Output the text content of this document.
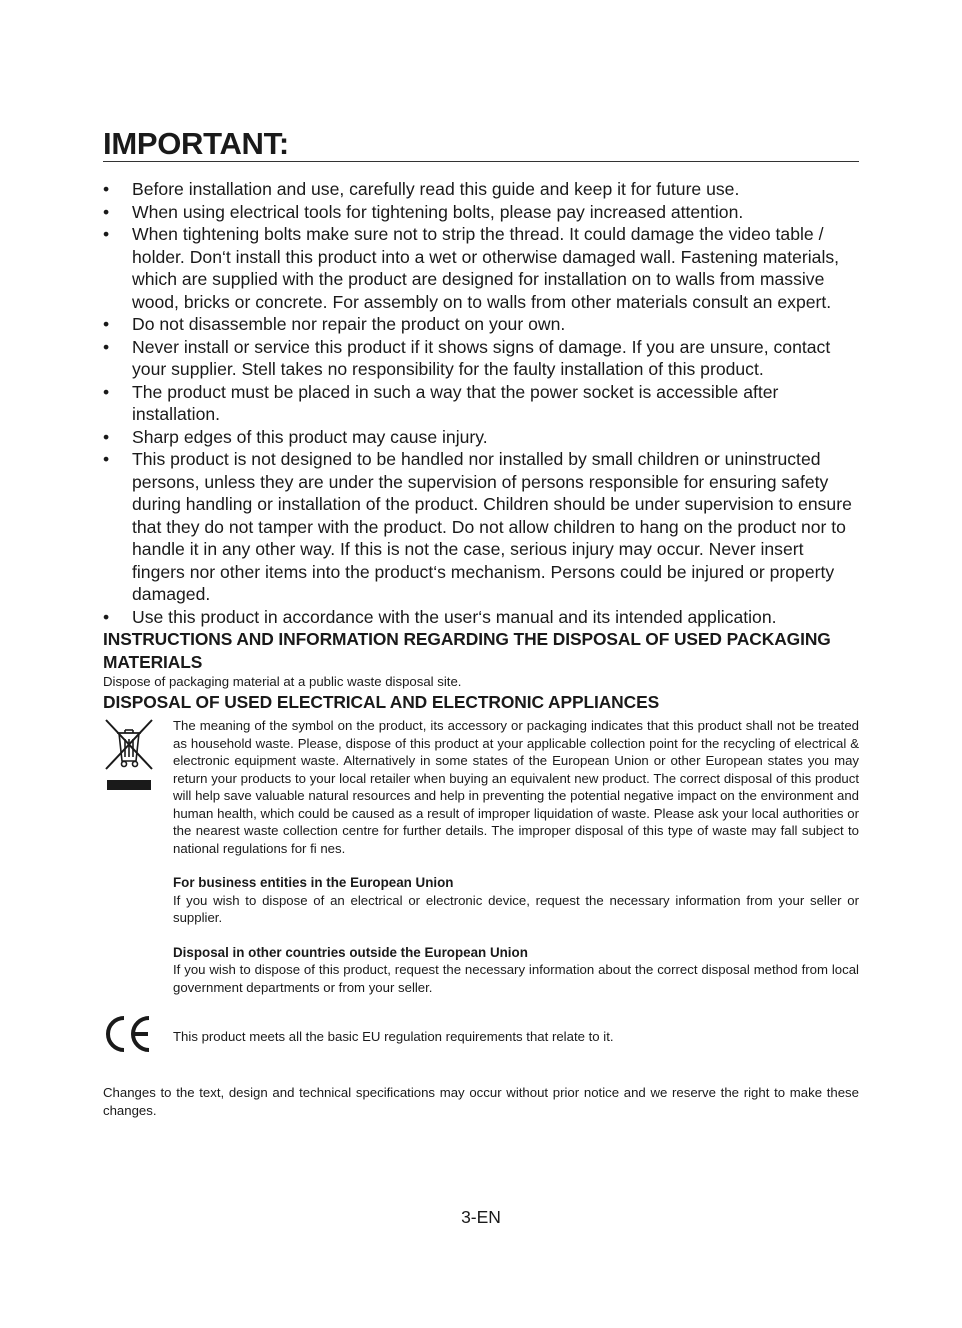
IMPORTANT:
• Before installation and use, carefully read this guide and keep it for future use.
• When using electrical tools for tightening bolts, please pay increased attention.
• When tightening bolts make sure not to strip the thread. It could damage the video table / holder. Don‘t install this product into a wet or otherwise damaged wall. Fastening materials, which are supplied with the product are designed for installation on to walls from massive wood, bricks or concrete. For assembly on to walls from other materials consult an expert.
• Do not disassemble nor repair the product on your own.
• Never install or service this product if it shows signs of damage. If you are unsure, contact your supplier. Stell takes no responsibility for the faulty installation of this product.
• The product must be placed in such a way that the power socket is accessible after installation.
• Sharp edges of this product may cause injury.
• This product is not designed to be handled nor installed by small children or uninstructed persons, unless they are under the supervision of persons responsible for ensuring safety during handling or installation of the product. Children should be under supervision to ensure that they do not tamper with the product. Do not allow children to hang on the product nor to handle it in any other way. If this is not the case, serious injury may occur. Never insert fingers nor other items into the product‘s mechanism. Persons could be injured or property damaged.
• Use this product in accordance with the user‘s manual and its intended application.
INSTRUCTIONS AND INFORMATION REGARDING THE DISPOSAL OF USED PACKAGING MATERIALS

Dispose of packaging material at a public waste disposal site.

DISPOSAL OF USED ELECTRICAL AND ELECTRONIC APPLIANCES

The meaning of the symbol on the product, its accessory or packaging indicates that this product shall not be treated as household waste. Please, dispose of this product at your applicable collection point for the recycling of electrical & electronic equipment waste. Alternatively in some states of the European Union or other European states you may return your products to your local retailer when buying an equivalent new product. The correct disposal of this product will help save valuable natural resources and help in preventing the potential negative impact on the environment and human health, which could be caused as a result of improper liquidation of waste. Please ask your local authorities or the nearest waste collection centre for further details. The improper disposal of this type of waste may fall subject to national regulations for fi nes.

For business entities in the European Union

If you wish to dispose of an electrical or electronic device, request the necessary information from your seller or supplier.

Disposal in other countries outside the European Union

If you wish to dispose of this product, request the necessary information about the correct disposal method from local government departments or from your seller.

This product meets all the basic EU regulation requirements that relate to it.

Changes to the text, design and technical specifications may occur without prior notice and we reserve the right to make these changes.

3-EN
